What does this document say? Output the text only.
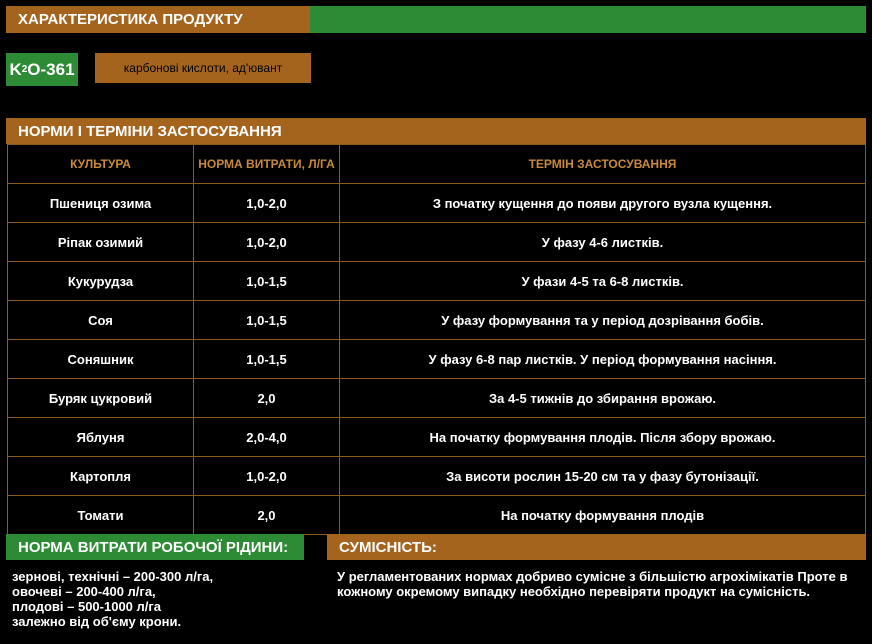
ХАРАКТЕРИСТИКА ПРОДУКТУ
K 2 O-361	карбонові кислоти, ад'ювант
НОРМИ І ТЕРМІНИ ЗАСТОСУВАННЯ
КУЛЬТУРА	НОРМА ВИТРАТИ, Л/ГА	ТЕРМІН ЗАСТОСУВАННЯ
Пшениця озима	1,0-2,0	З початку кущення до появи другого вузла кущення.
Ріпак озимий	1,0-2,0	У фазу 4-6 листків.
Кукурудза	1,0-1,5	У фази 4-5 та 6-8 листків.
Соя	1,0-1,5	У фазу формування та у період дозрівання бобів.
Соняшник	1,0-1,5	У фазу 6-8 пар листків. У період формування насіння.
Буряк цукровий	2,0	За 4-5 тижнів до збирання врожаю.
Яблуня	2,0-4,0	На початку формування плодів. Після збору врожаю.
Картопля	1,0-2,0	За висоти рослин 15-20 см та у фазу бутонізації.
Томати	2,0	На початку формування плодів
НОРМА ВИТРАТИ РОБОЧОЇ РІДИНИ:	СУМІСНІСТЬ:
зернові, технічні – 200-300 л/га,
овочеві – 200-400 л/га,
плодові – 500-1000 л/га
залежно від об'єму крони.
У регламентованих нормах добриво сумісне з більшістю агрохімікатів Проте в кожному окремому випадку необхідно перевіряти продукт на сумісність.
